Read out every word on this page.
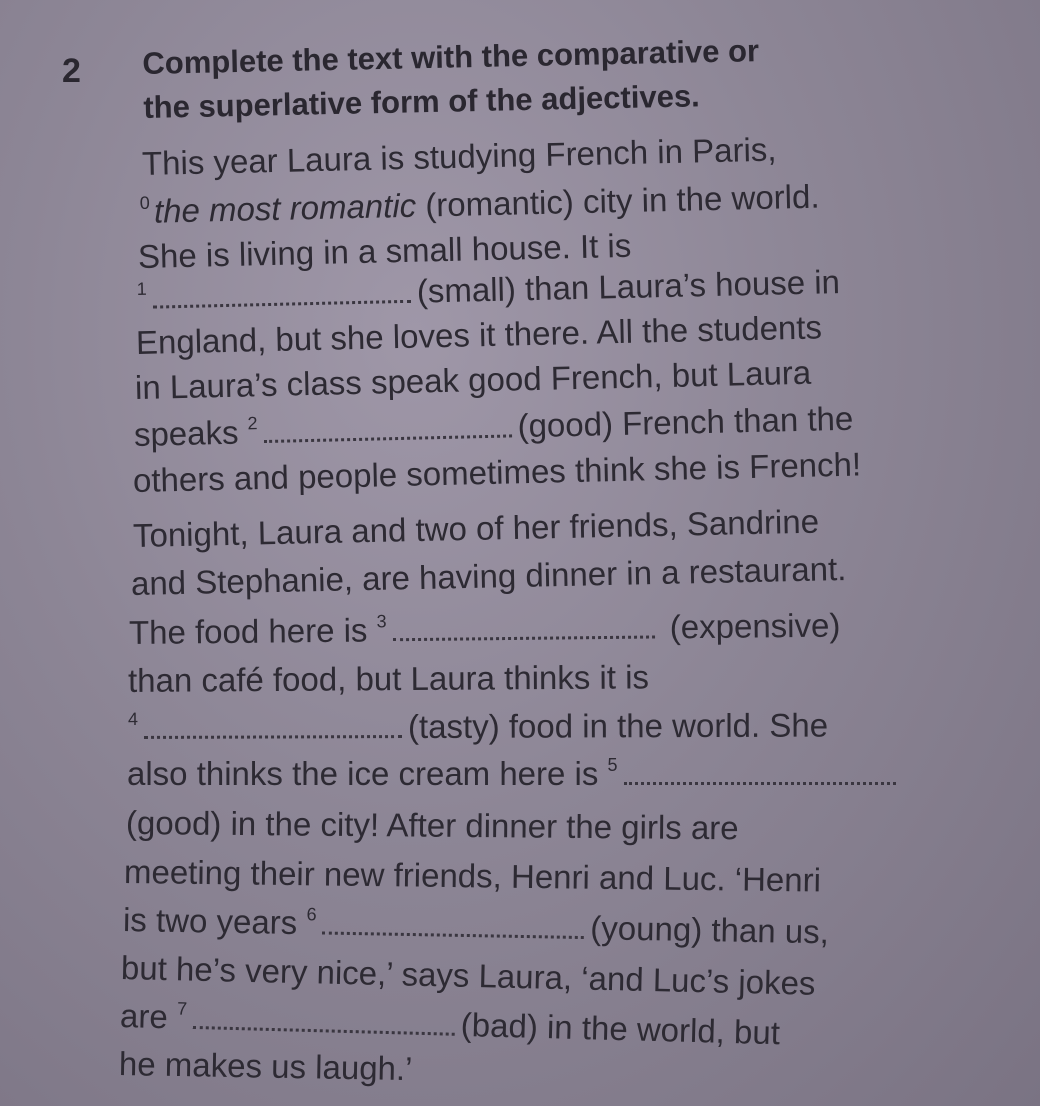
2 Complete the text with the comparative or
the superlative form of the adjectives.
This year Laura is studying French in Paris,
$^0$ the most romantic (romantic) city in the world.
She is living in a small house. It is
$^1$	(small) than Laura’s house in
England, but she loves it there. All the students
in Laura’s class speak good French, but Laura
speaks $^2$	(good) French than the
others and people sometimes think she is French!
Tonight, Laura and two of her friends, Sandrine
and Stephanie, are having dinner in a restaurant.
The food here is $^3$	(expensive)
than café food, but Laura thinks it is
$^4$	(tasty) food in the world. She
also thinks the ice cream here is $^5$
(good) in the city! After dinner the girls are
meeting their new friends, Henri and Luc. ‘Henri
is two years $^6$	(young) than us,
but he’s very nice,’ says Laura, ‘and Luc’s jokes
are $^7$	(bad) in the world, but
he makes us laugh.’
